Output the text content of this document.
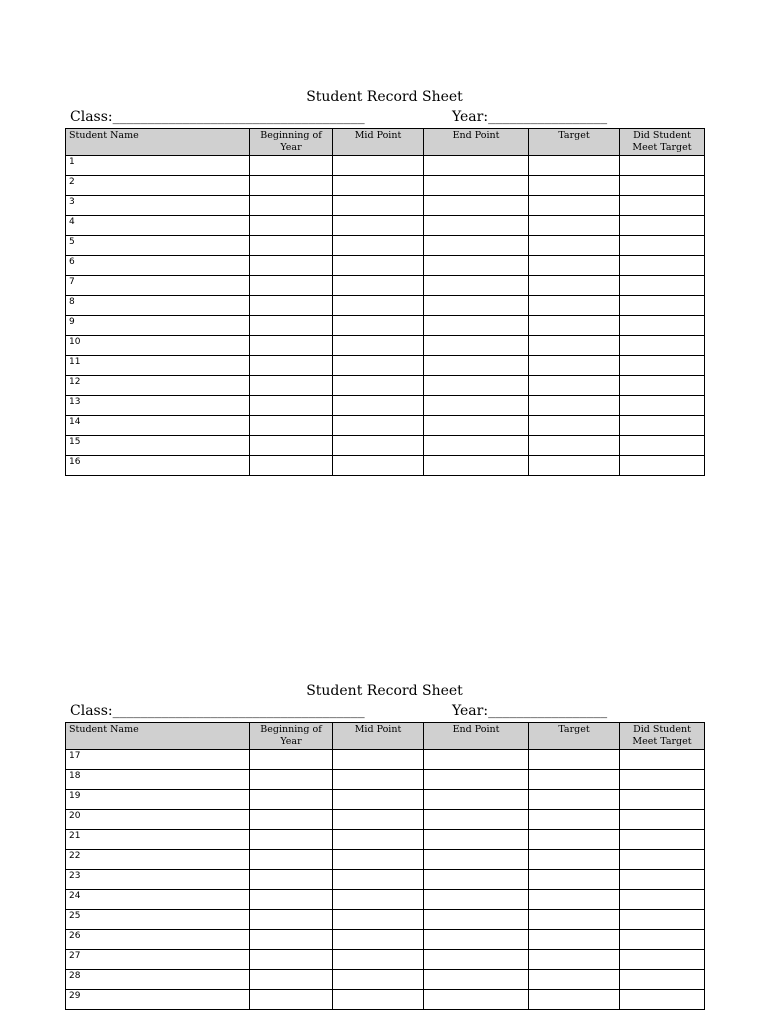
Student Record Sheet
Class:____________________________________	Year:_________________
Student Name	Beginning of Year	Mid Point	End Point	Target	Did Student Meet Target
1					
2					
3					
4					
5					
6					
7					
8					
9					
10					
11					
12					
13					
14					
15					
16					
Student Record Sheet
Class:____________________________________	Year:_________________
Student Name	Beginning of Year	Mid Point	End Point	Target	Did Student Meet Target
17					
18					
19					
20					
21					
22					
23					
24					
25					
26					
27					
28					
29					
